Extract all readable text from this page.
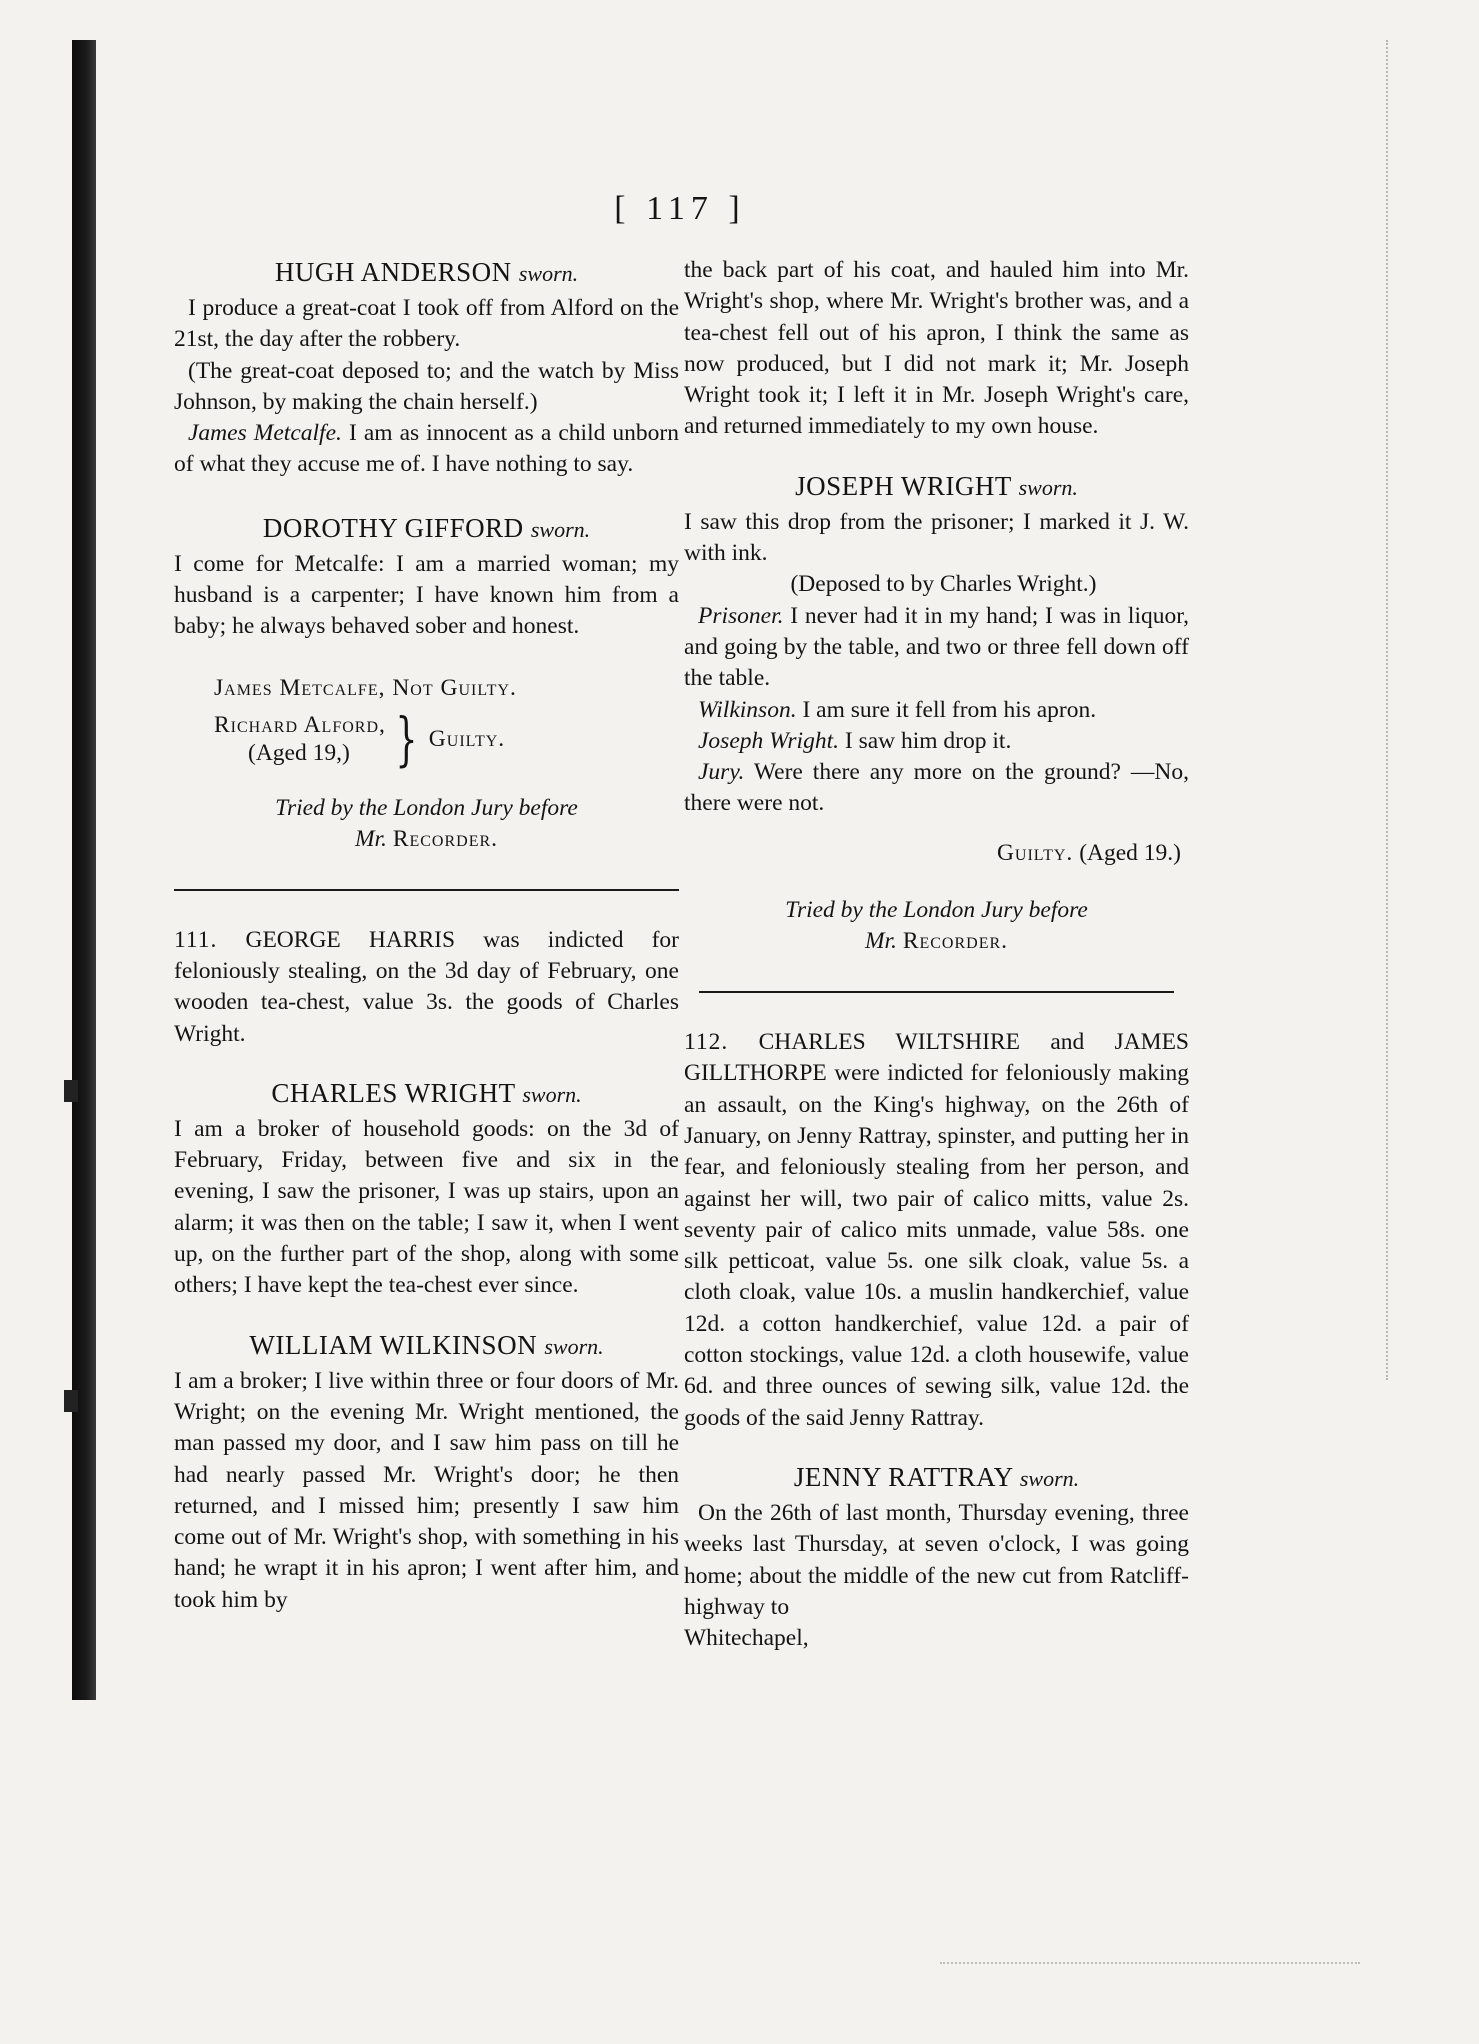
[ 117 ]
HUGH ANDERSON sworn.

I produce a great-coat I took off from Alford on the 21st, the day after the robbery.

(The great-coat deposed to; and the watch by Miss Johnson, by making the chain herself.)

James Metcalfe. I am as innocent as a child unborn of what they accuse me of. I have nothing to say.

DOROTHY GIFFORD sworn.

I come for Metcalfe: I am a married woman; my husband is a carpenter; I have known him from a baby; he always behaved sober and honest.

James Metcalfe, Not Guilty.
Richard Alford,
(Aged 19,) } Guilty.
Tried by the London Jury before
Mr. Recorder.

111. GEORGE HARRIS was indicted for feloniously stealing, on the 3d day of February, one wooden tea-chest, value 3s. the goods of Charles Wright.

CHARLES WRIGHT sworn.

I am a broker of household goods: on the 3d of February, Friday, between five and six in the evening, I saw the prisoner, I was up stairs, upon an alarm; it was then on the table; I saw it, when I went up, on the further part of the shop, along with some others; I have kept the tea-chest ever since.

WILLIAM WILKINSON sworn.

I am a broker; I live within three or four doors of Mr. Wright; on the evening Mr. Wright mentioned, the man passed my door, and I saw him pass on till he had nearly passed Mr. Wright's door; he then returned, and I missed him; presently I saw him come out of Mr. Wright's shop, with something in his hand; he wrapt it in his apron; I went after him, and took him by

the back part of his coat, and hauled him into Mr. Wright's shop, where Mr. Wright's brother was, and a tea-chest fell out of his apron, I think the same as now produced, but I did not mark it; Mr. Joseph Wright took it; I left it in Mr. Joseph Wright's care, and returned immediately to my own house.

JOSEPH WRIGHT sworn.

I saw this drop from the prisoner; I marked it J. W. with ink.

(Deposed to by Charles Wright.)

Prisoner. I never had it in my hand; I was in liquor, and going by the table, and two or three fell down off the table.

Wilkinson. I am sure it fell from his apron.

Joseph Wright. I saw him drop it.

Jury. Were there any more on the ground? —No, there were not.

Guilty. (Aged 19.)
Tried by the London Jury before
Mr. Recorder.

112. CHARLES WILTSHIRE and JAMES GILLTHORPE were indicted for feloniously making an assault, on the King's highway, on the 26th of January, on Jenny Rattray, spinster, and putting her in fear, and feloniously stealing from her person, and against her will, two pair of calico mitts, value 2s. seventy pair of calico mits unmade, value 58s. one silk petticoat, value 5s. one silk cloak, value 5s. a cloth cloak, value 10s. a muslin handkerchief, value 12d. a cotton handkerchief, value 12d. a pair of cotton stockings, value 12d. a cloth housewife, value 6d. and three ounces of sewing silk, value 12d. the goods of the said Jenny Rattray.

JENNY RATTRAY sworn.

On the 26th of last month, Thursday evening, three weeks last Thursday, at seven o'clock, I was going home; about the middle of the new cut from Ratcliff-highway to

Whitechapel,
